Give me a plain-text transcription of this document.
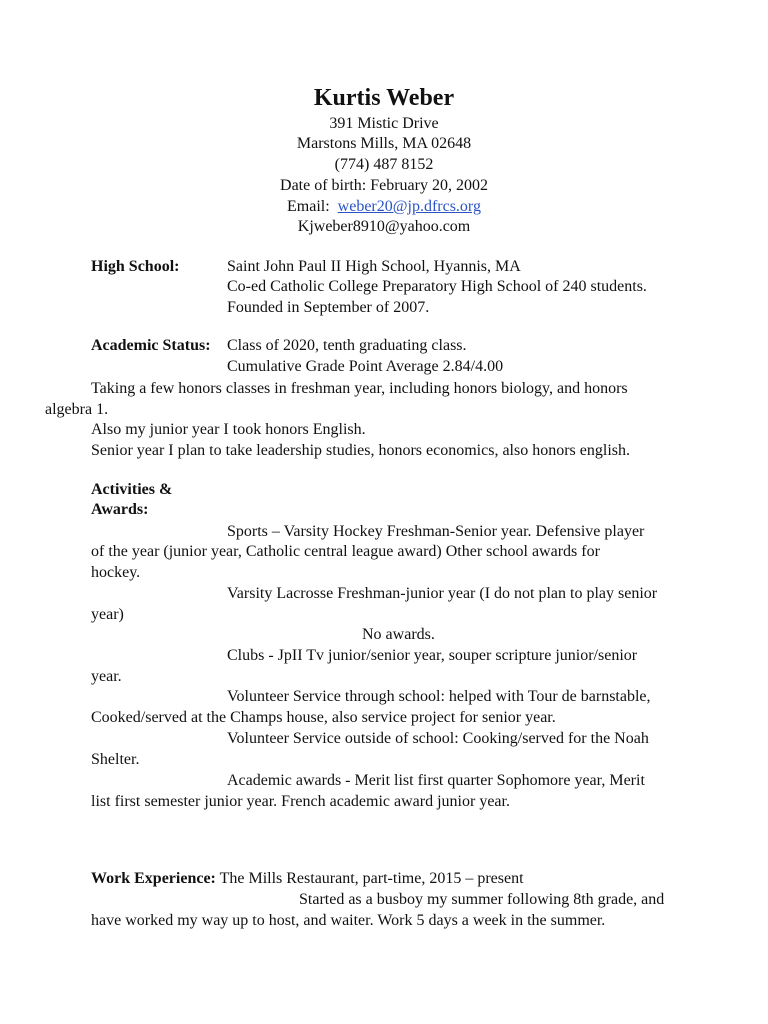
Kurtis Weber
391 Mistic Drive
Marstons Mills, MA 02648
(774) 487 8152
Date of birth: February 20, 2002
Email:  weber20@jp.dfrcs.org
Kjweber8910@yahoo.com
High School:	Saint John Paul II High School, Hyannis, MA
Co-ed Catholic College Preparatory High School of 240 students.
Founded in September of 2007.
Academic Status: Class of 2020, tenth graduating class.
Cumulative Grade Point Average 2.84/4.00
Taking a few honors classes in freshman year, including honors biology, and honors
algebra 1.
Also my junior year I took honors English.
Senior year I plan to take leadership studies, honors economics, also honors english.
Activities &
Awards:
Sports – Varsity Hockey Freshman-Senior year. Defensive player
of the year (junior year, Catholic central league award) Other school awards for
hockey.
Varsity Lacrosse Freshman-junior year (I do not plan to play senior
year)
No awards.
Clubs - JpII Tv junior/senior year, souper scripture junior/senior
year.
Volunteer Service through school: helped with Tour de barnstable,
Cooked/served at the Champs house, also service project for senior year.
Volunteer Service outside of school: Cooking/served for the Noah
Shelter.
Academic awards - Merit list first quarter Sophomore year, Merit
list first semester junior year. French academic award junior year.
Work Experience: The Mills Restaurant, part-time, 2015 – present
Started as a busboy my summer following 8th grade, and
have worked my way up to host, and waiter. Work 5 days a week in the summer.
